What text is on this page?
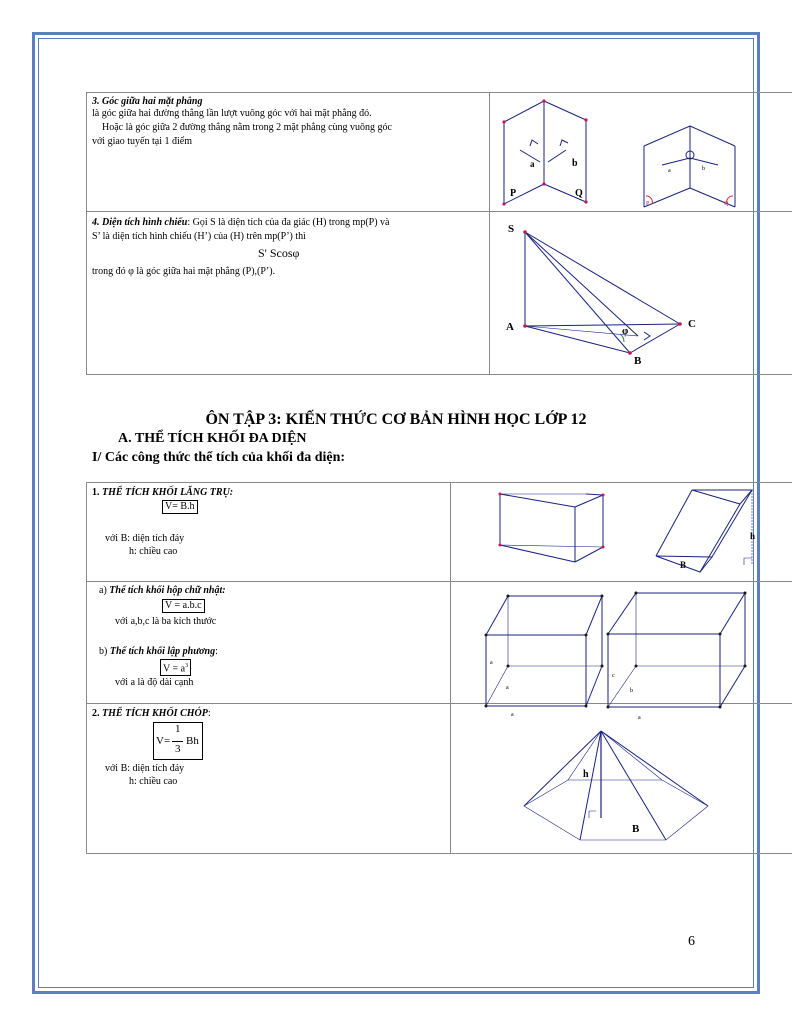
3. Góc giữa hai mặt phẳng
là góc giữa hai đường thẳng lần lượt vuông góc với hai mặt phẳng đó.
Hoặc là góc giữa 2 đường thẳng nằm trong 2 mặt phẳng cùng vuông góc
với giao tuyến tại 1 điểm
4. Diện tích hình chiếu: Gọi S là diện tích của đa giác (H) trong mp(P) và
S’ là diện tích hình chiếu (H’) của (H) trên mp(P’) thì
S' Scosφ
trong đó φ là góc giữa hai mặt phẳng (P),(P’).
a	b
P	Q
a	b
P	Q
S
A
B
C
φ
ÔN TẬP 3: KIẾN THỨC CƠ BẢN HÌNH HỌC LỚP 12
A. THỂ TÍCH KHỐI ĐA DIỆN
I/ Các công thức thể tích của khối đa diện:
1. THỂ TÍCH KHỐI LĂNG TRỤ:
V= B.h
với B: diện tích đáy
h: chiều cao
B
h
a) Thể tích khối hộp chữ nhật:
V = a.b.c
với a,b,c là ba kích thước
b) Thể tích khối lập phương:
$V = a^3$
với a là độ dài cạnh
a
a
a
c
b
a
2. THỂ TÍCH KHỐI CHÓP:
V=
1
3
Bh
với B: diện tích đáy
h: chiều cao
h
B
6
